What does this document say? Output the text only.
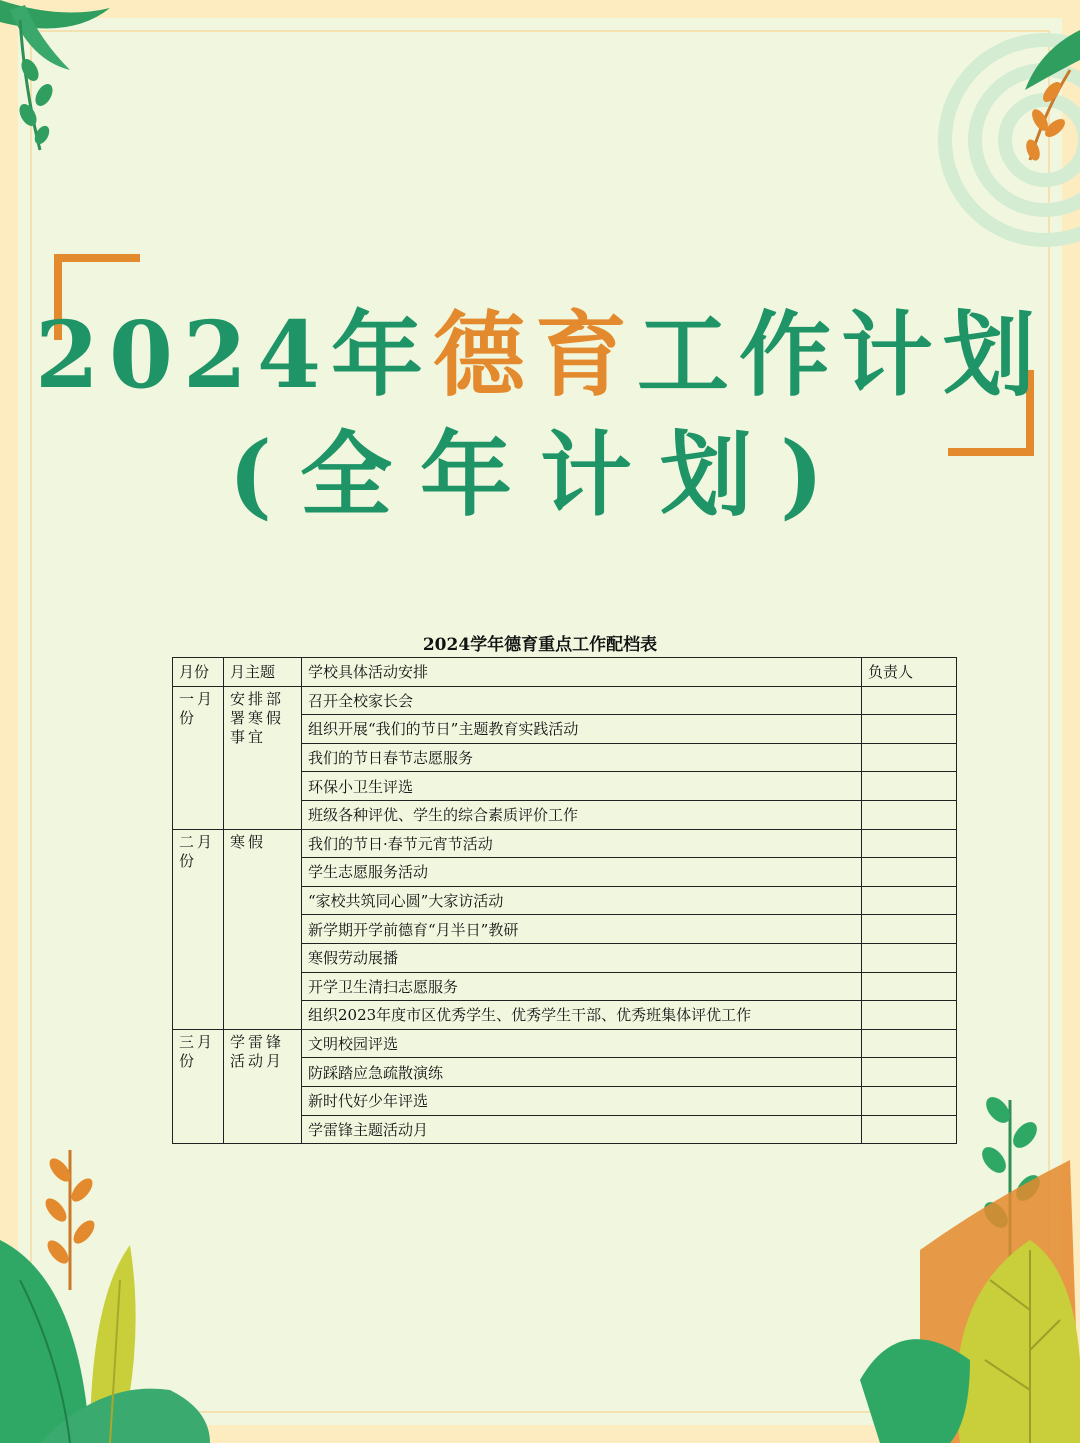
2024年德育工作计划
(全年计划)
2024学年德育重点工作配档表
月份	月主题	学校具体活动安排	负责人
一月份	安排部署寒假事宜	召开全校家长会	
		组织开展“我们的节日”主题教育实践活动	
		我们的节日春节志愿服务	
		环保小卫生评选	
		班级各种评优、学生的综合素质评价工作	
二月份	寒假	我们的节日·春节元宵节活动	
		学生志愿服务活动	
		“家校共筑同心圆”大家访活动	
		新学期开学前德育“月半日”教研	
		寒假劳动展播	
		开学卫生清扫志愿服务	
		组织2023年度市区优秀学生、优秀学生干部、优秀班集体评优工作	
三月份	学雷锋活动月	文明校园评选	
		防踩踏应急疏散演练	
		新时代好少年评选	
		学雷锋主题活动月	
